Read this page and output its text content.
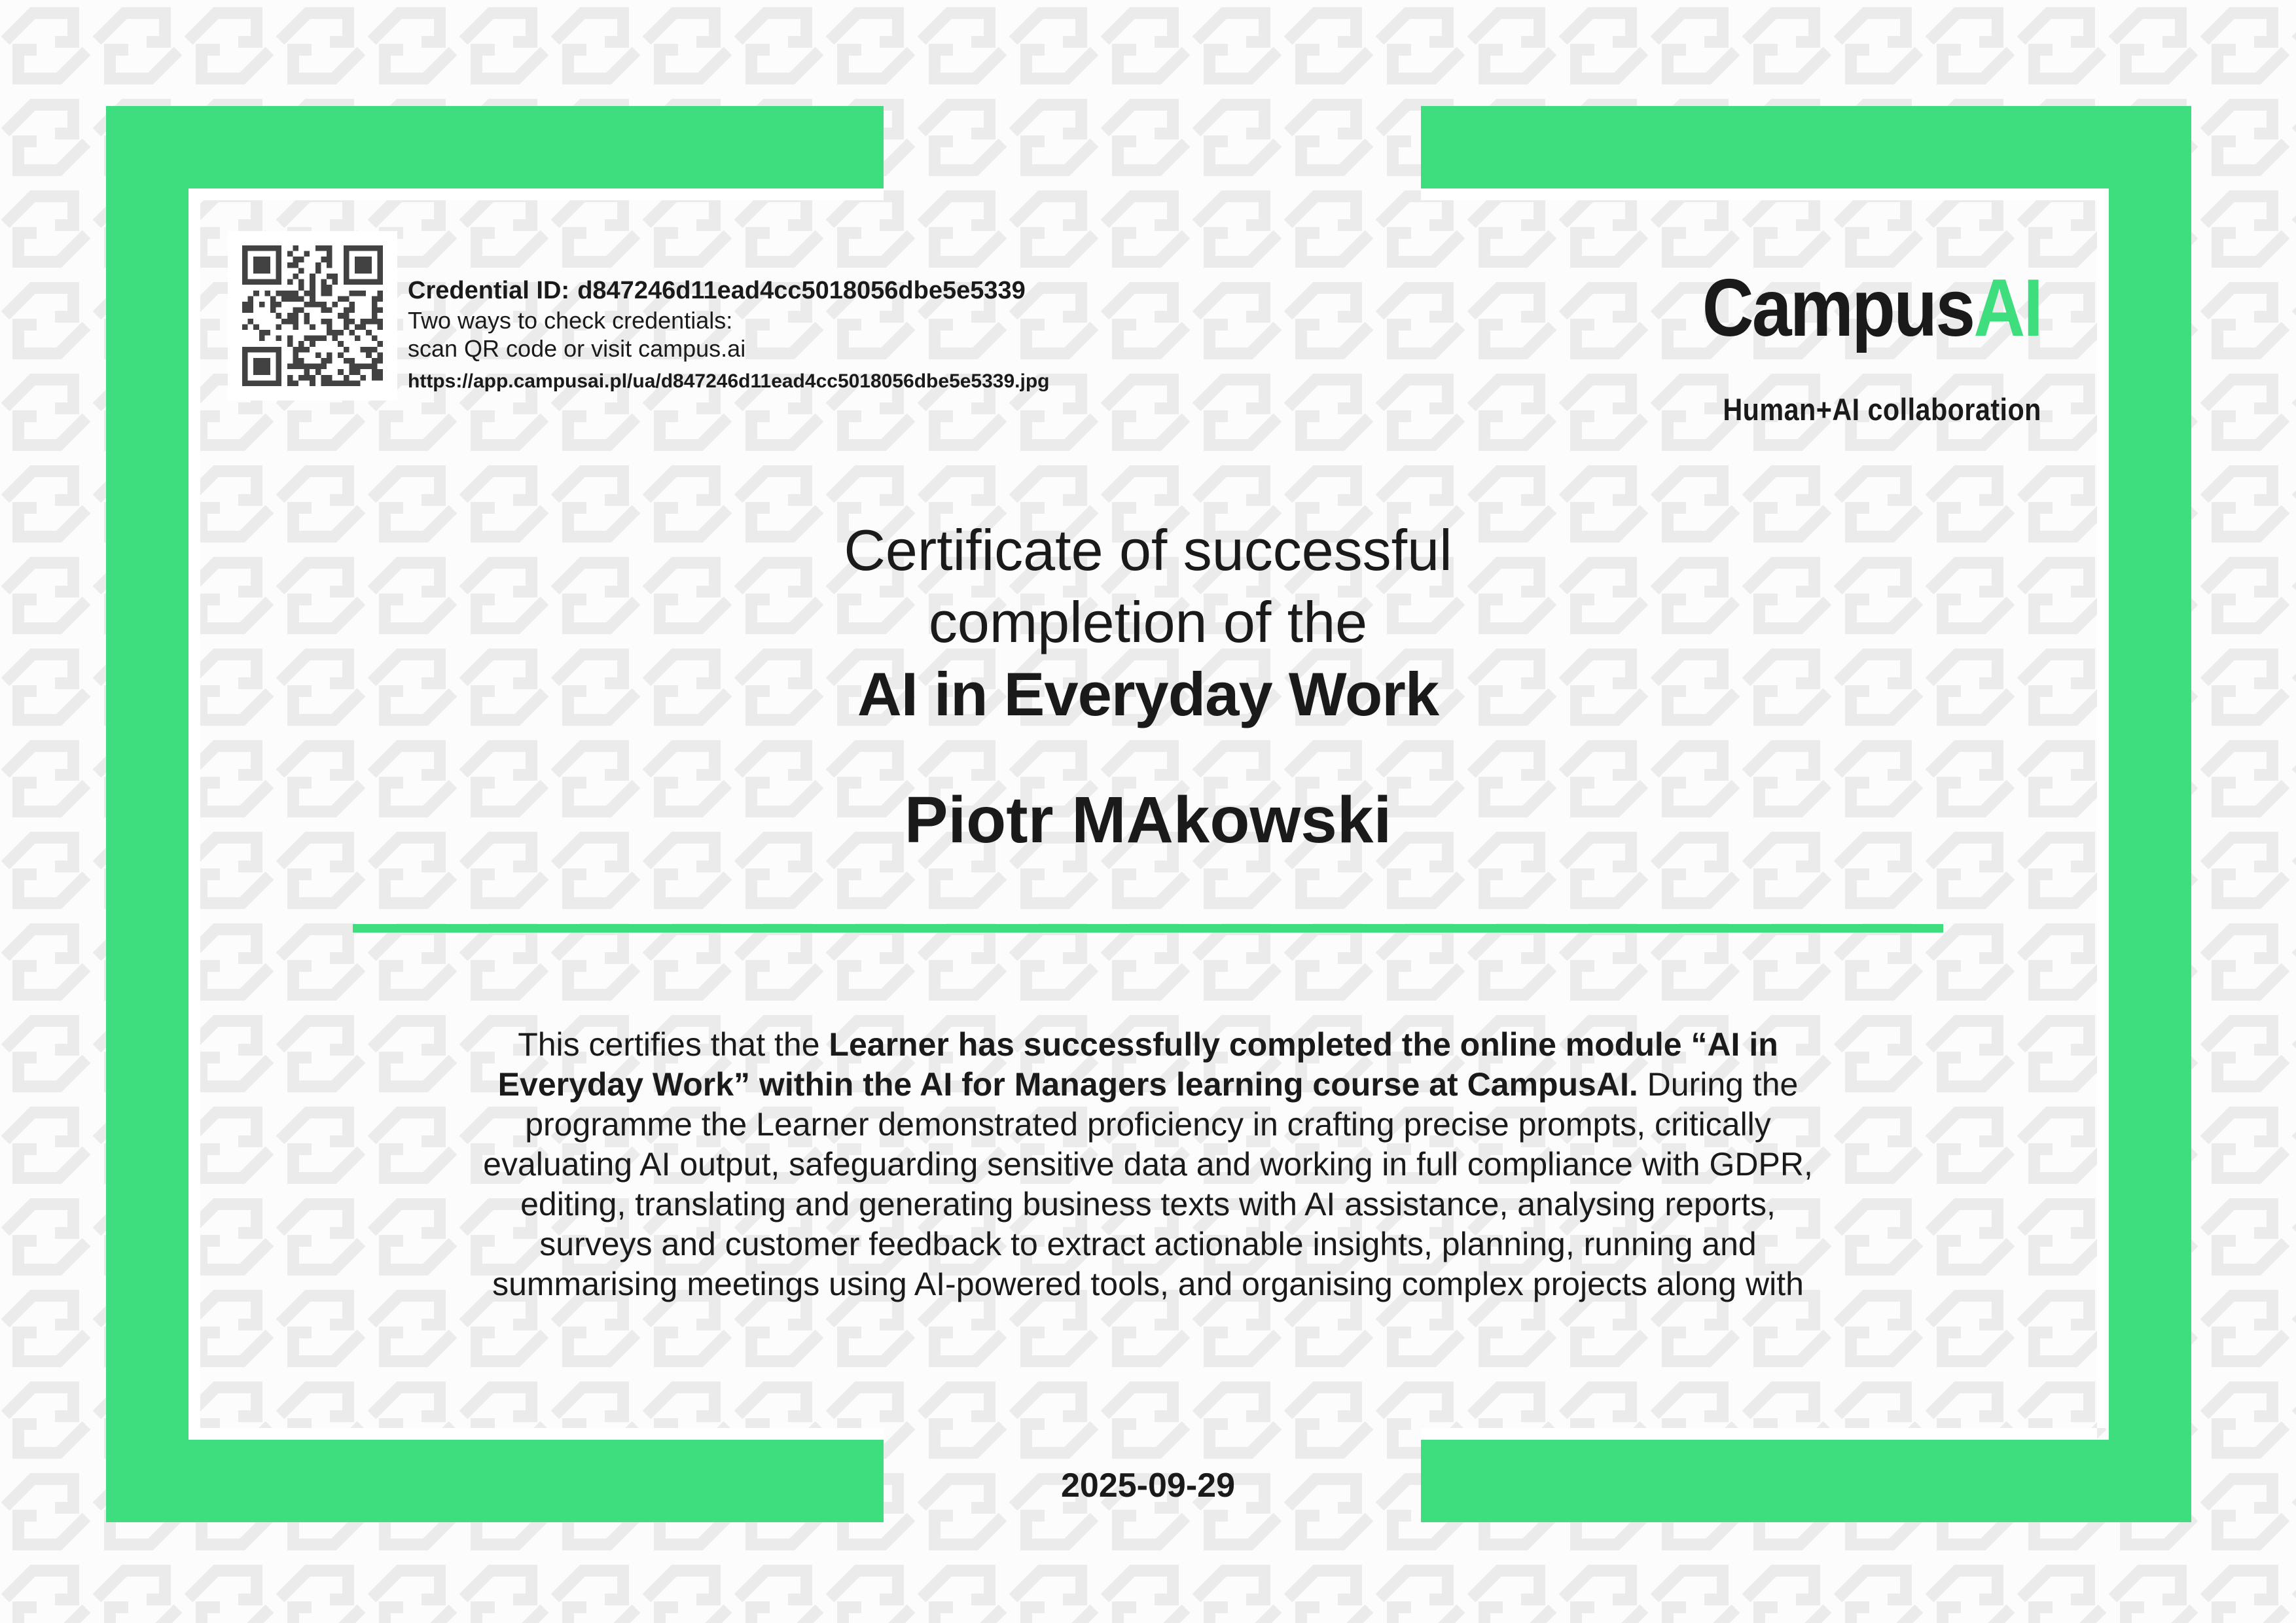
Credential ID: d847246d11ead4cc5018056dbe5e5339
Two ways to check credentials:
scan QR code or visit campus.ai
https://app.campusai.pl/ua/d847246d11ead4cc5018056dbe5e5339.jpg
CampusAI
Human+AI collaboration
Certificate of successful
completion of the
AI in Everyday Work
Piotr MAkowski
This certifies that the Learner has successfully completed the online module “AI in
Everyday Work” within the AI for Managers learning course at CampusAI. During the
programme the Learner demonstrated proficiency in crafting precise prompts, critically
evaluating AI output, safeguarding sensitive data and working in full compliance with GDPR,
editing, translating and generating business texts with AI assistance, analysing reports,
surveys and customer feedback to extract actionable insights, planning, running and
summarising meetings using AI-powered tools, and organising complex projects along with
2025-09-29
